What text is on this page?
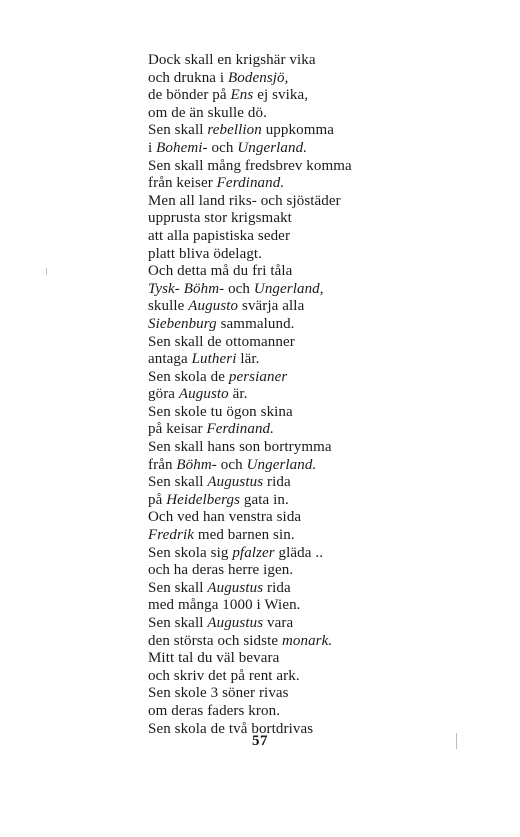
Dock skall en krigshär vika
och drukna i Bodensjö,
de bönder på Ens ej svika,
om de än skulle dö.
Sen skall rebellion uppkomma
i Bohemi- och Ungerland.
Sen skall mång fredsbrev komma
från keiser Ferdinand.
Men all land riks- och sjöstäder
upprusta stor krigsmakt
att alla papistiska seder
platt bliva ödelagt.
Och detta må du fri tåla
Tysk- Böhm- och Ungerland,
skulle Augusto svärja alla
Siebenburg sammalund.
Sen skall de ottomanner
antaga Lutheri lär.
Sen skola de persianer
göra Augusto är.
Sen skole tu ögon skina
på keisar Ferdinand.
Sen skall hans son bortrymma
från Böhm- och Ungerland.
Sen skall Augustus rida
på Heidelbergs gata in.
Och ved han venstra sida
Fredrik med barnen sin.
Sen skola sig pfalzer gläda ..
och ha deras herre igen.
Sen skall Augustus rida
med många 1000 i Wien.
Sen skall Augustus vara
den största och sidste monark.
Mitt tal du väl bevara
och skriv det på rent ark.
Sen skole 3 söner rivas
om deras faders kron.
Sen skola de två bortdrivas
57
